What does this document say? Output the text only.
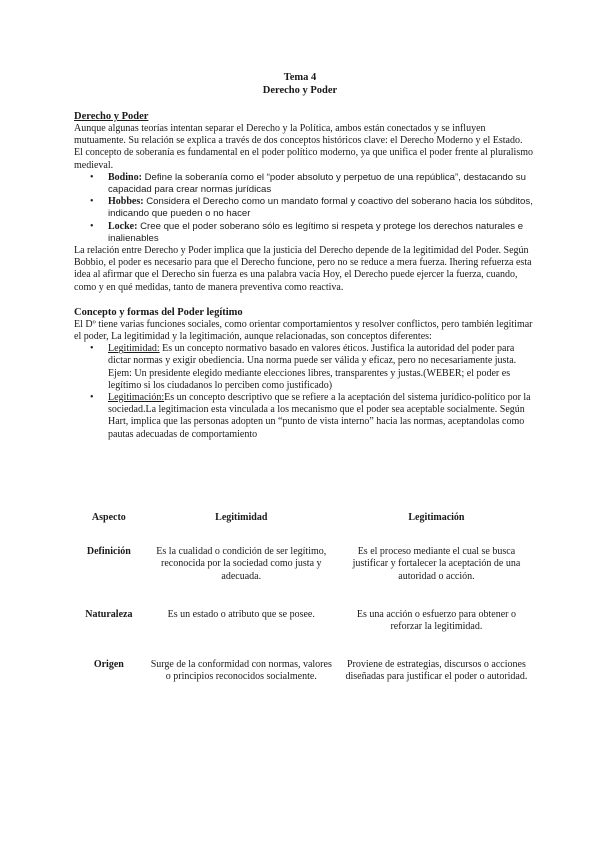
Tema 4
Derecho y Poder
Derecho y Poder

Aunque algunas teorías intentan separar el Derecho y la Política, ambos están conectados y se influyen mutuamente. Su relación se explica a través de dos conceptos históricos clave: el Derecho Moderno y el Estado.

El concepto de soberanía es fundamental en el poder político moderno, ya que unifica el poder frente al pluralismo medieval.

• Bodino: Define la soberanía como el “poder absoluto y perpetuo de una república”, destacando su capacidad para crear normas jurídicas
• Hobbes: Considera el Derecho como un mandato formal y coactivo del soberano hacia los súbditos, indicando que pueden o no hacer
• Locke: Cree que el poder soberano sólo es legítimo si respeta y protege los derechos naturales e inalienables

La relación entre Derecho y Poder implica que la justicia del Derecho depende de la legitimidad del Poder. Según Bobbio, el poder es necesario para que el Derecho funcione, pero no se reduce a mera fuerza. Ihering refuerza esta idea al afirmar que el Derecho sin fuerza es una palabra vacía Hoy, el Derecho puede ejercer la fuerza, cuando, como y en qué medidas, tanto de manera preventiva como reactiva.

Concepto y formas del Poder legítimo

El Dº tiene varias funciones sociales, como orientar comportamientos y resolver conflictos, pero también legitimar el poder, La legitimidad y la legitimación, aunque relacionadas, son conceptos diferentes:

• Legitimidad: Es un concepto normativo basado en valores éticos. Justifica la autoridad del poder para dictar normas y exigir obediencia. Una norma puede ser válida y eficaz, pero no necesariamente justa.
Ejem: Un presidente elegido mediante elecciones libres, transparentes y justas.(WEBER; el poder es legítimo si los ciudadanos lo perciben como justificado)
• Legitimación:Es un concepto descriptivo que se refiere a la aceptación del sistema jurídico-político por la sociedad.La legitimacion esta vinculada a los mecanismo que el poder sea aceptable socialmente. Según Hart, implica que las personas adopten un “punto de vista interno” hacia las normas, aceptandolas como pautas adecuadas de comportamiento
Aspecto	Legitimidad	Legitimación
Definición	Es la cualidad o condición de ser legítimo, reconocida por la sociedad como justa y adecuada.	Es el proceso mediante el cual se busca justificar y fortalecer la aceptación de una autoridad o acción.
Naturaleza	Es un estado o atributo que se posee.	Es una acción o esfuerzo para obtener o reforzar la legitimidad.
Origen	Surge de la conformidad con normas, valores o principios reconocidos socialmente.	Proviene de estrategias, discursos o acciones diseñadas para justificar el poder o autoridad.
